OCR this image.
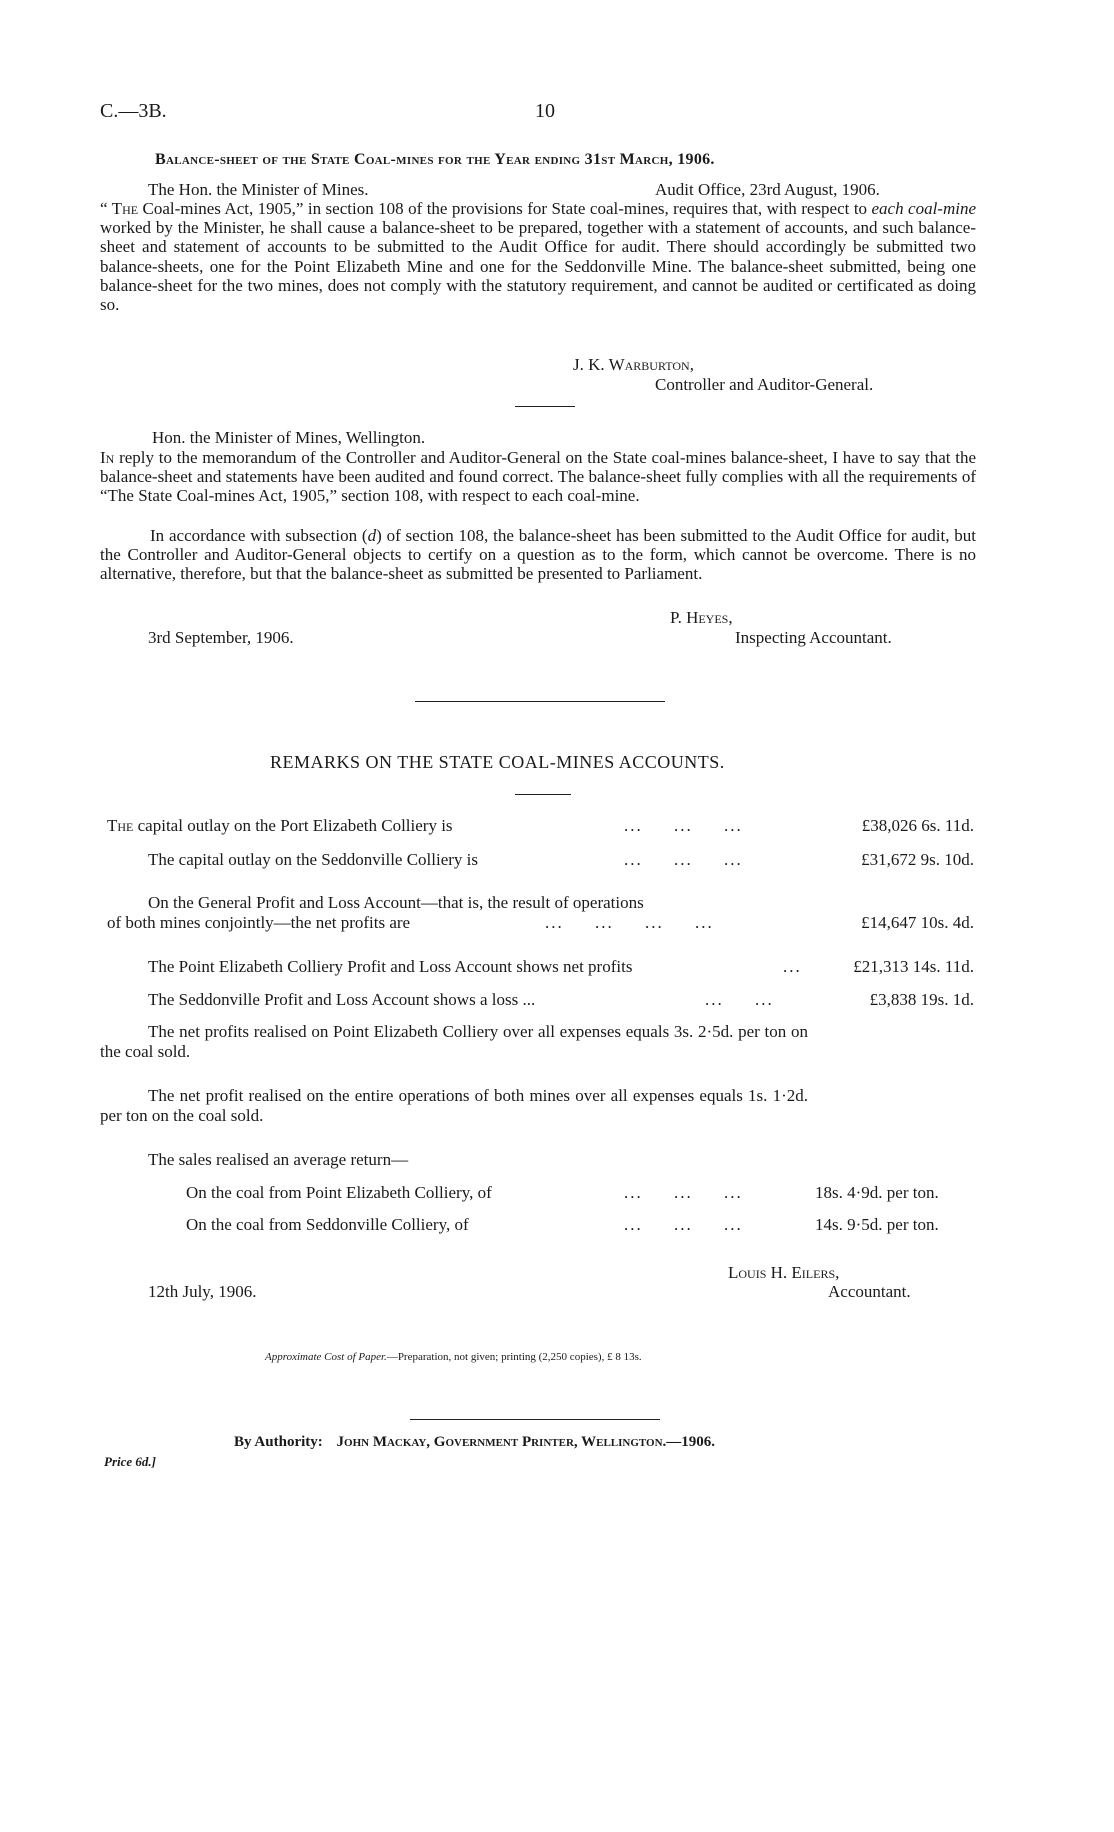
C.—3B.	10
Balance-sheet of the State Coal-mines for the Year ending 31st March, 1906.
The Hon. the Minister of Mines.	Audit Office, 23rd August, 1906.
“ The Coal-mines Act, 1905,” in section 108 of the provisions for State coal-mines, requires that, with respect to each coal-mine worked by the Minister, he shall cause a balance-sheet to be prepared, together with a statement of accounts, and such balance-sheet and statement of accounts to be submitted to the Audit Office for audit. There should accordingly be submitted two balance-sheets, one for the Point Elizabeth Mine and one for the Seddonville Mine. The balance-sheet submitted, being one balance-sheet for the two mines, does not comply with the statutory requirement, and cannot be audited or certificated as doing so.
J. K. Warburton,
Controller and Auditor-General.
Hon. the Minister of Mines, Wellington.
In reply to the memorandum of the Controller and Auditor-General on the State coal-mines balance-sheet, I have to say that the balance-sheet and statements have been audited and found correct. The balance-sheet fully complies with all the requirements of “The State Coal-mines Act, 1905,” section 108, with respect to each coal-mine.
In accordance with subsection (d) of section 108, the balance-sheet has been submitted to the Audit Office for audit, but the Controller and Auditor-General objects to certify on a question as to the form, which cannot be overcome. There is no alternative, therefore, but that the balance-sheet as submitted be presented to Parliament.
P. Heyes,
Inspecting Accountant.
3rd September, 1906.
REMARKS ON THE STATE COAL-MINES ACCOUNTS.
The capital outlay on the Port Elizabeth Colliery is	...     ...     ...	£38,026 6s. 11d.
The capital outlay on the Seddonville Colliery is	...     ...     ...	£31,672 9s. 10d.
On the General Profit and Loss Account—that is, the result of operations
of both mines conjointly—the net profits are	...     ...     ...     ...	£14,647 10s. 4d.
The Point Elizabeth Colliery Profit and Loss Account shows net profits	...	£21,313 14s. 11d.
The Seddonville Profit and Loss Account shows a loss ...	...     ...	£3,838 19s. 1d.
The net profits realised on Point Elizabeth Colliery over all expenses equals 3s. 2·5d. per ton on the coal sold.
The net profit realised on the entire operations of both mines over all expenses equals 1s. 1·2d. per ton on the coal sold.
The sales realised an average return—
On the coal from Point Elizabeth Colliery, of	...     ...     ...	18s. 4·9d. per ton.
On the coal from Seddonville Colliery, of	...     ...     ...	14s. 9·5d. per ton.
Louis H. Eilers,
Accountant.
12th July, 1906.
Approximate Cost of Paper.—Preparation, not given; printing (2,250 copies), £ 8 13s.
By Authority: John Mackay, Government Printer, Wellington.—1906.
Price 6d.]
